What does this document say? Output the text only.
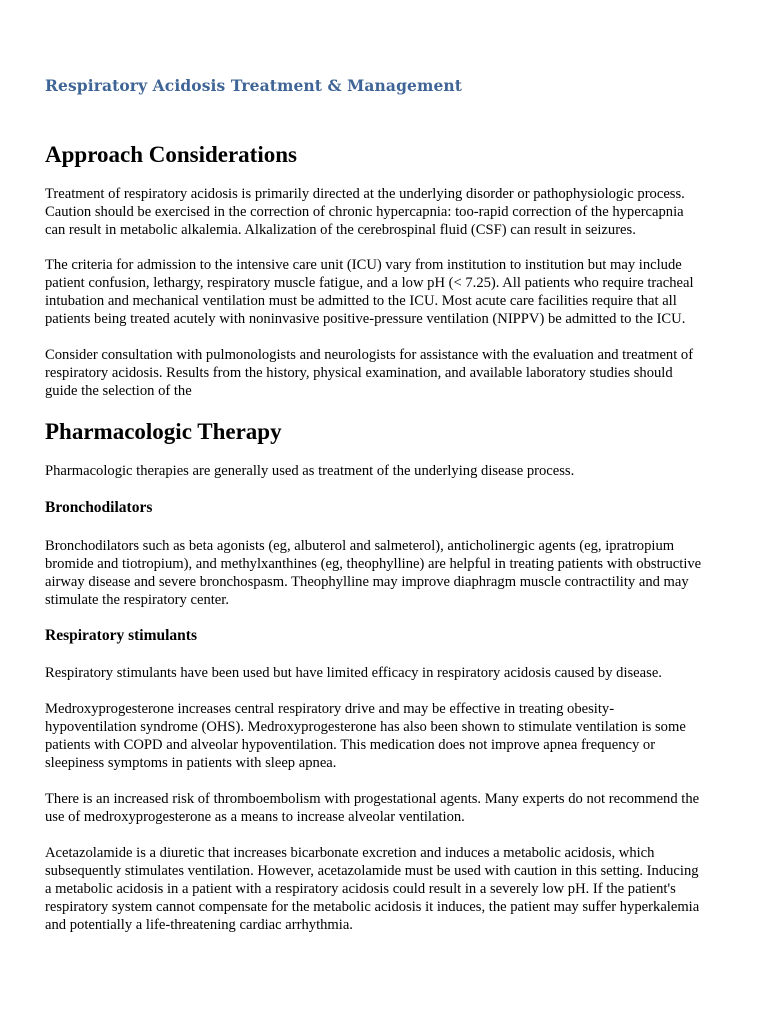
Respiratory Acidosis Treatment & Management
Approach Considerations

Treatment of respiratory acidosis is primarily directed at the underlying disorder or pathophysiologic process.
Caution should be exercised in the correction of chronic hypercapnia: too-rapid correction of the hypercapnia
can result in metabolic alkalemia. Alkalization of the cerebrospinal fluid (CSF) can result in seizures.

The criteria for admission to the intensive care unit (ICU) vary from institution to institution but may include
patient confusion, lethargy, respiratory muscle fatigue, and a low pH (< 7.25). All patients who require tracheal
intubation and mechanical ventilation must be admitted to the ICU. Most acute care facilities require that all
patients being treated acutely with noninvasive positive-pressure ventilation (NIPPV) be admitted to the ICU.

Consider consultation with pulmonologists and neurologists for assistance with the evaluation and treatment of
respiratory acidosis. Results from the history, physical examination, and available laboratory studies should
guide the selection of the

Pharmacologic Therapy

Pharmacologic therapies are generally used as treatment of the underlying disease process.

Bronchodilators

Bronchodilators such as beta agonists (eg, albuterol and salmeterol), anticholinergic agents (eg, ipratropium
bromide and tiotropium), and methylxanthines (eg, theophylline) are helpful in treating patients with obstructive
airway disease and severe bronchospasm. Theophylline may improve diaphragm muscle contractility and may
stimulate the respiratory center.

Respiratory stimulants

Respiratory stimulants have been used but have limited efficacy in respiratory acidosis caused by disease.

Medroxyprogesterone increases central respiratory drive and may be effective in treating obesity-
hypoventilation syndrome (OHS). Medroxyprogesterone has also been shown to stimulate ventilation is some
patients with COPD and alveolar hypoventilation. This medication does not improve apnea frequency or
sleepiness symptoms in patients with sleep apnea.

There is an increased risk of thromboembolism with progestational agents. Many experts do not recommend the
use of medroxyprogesterone as a means to increase alveolar ventilation.

Acetazolamide is a diuretic that increases bicarbonate excretion and induces a metabolic acidosis, which
subsequently stimulates ventilation. However, acetazolamide must be used with caution in this setting. Inducing
a metabolic acidosis in a patient with a respiratory acidosis could result in a severely low pH. If the patient's
respiratory system cannot compensate for the metabolic acidosis it induces, the patient may suffer hyperkalemia
and potentially a life-threatening cardiac arrhythmia.
